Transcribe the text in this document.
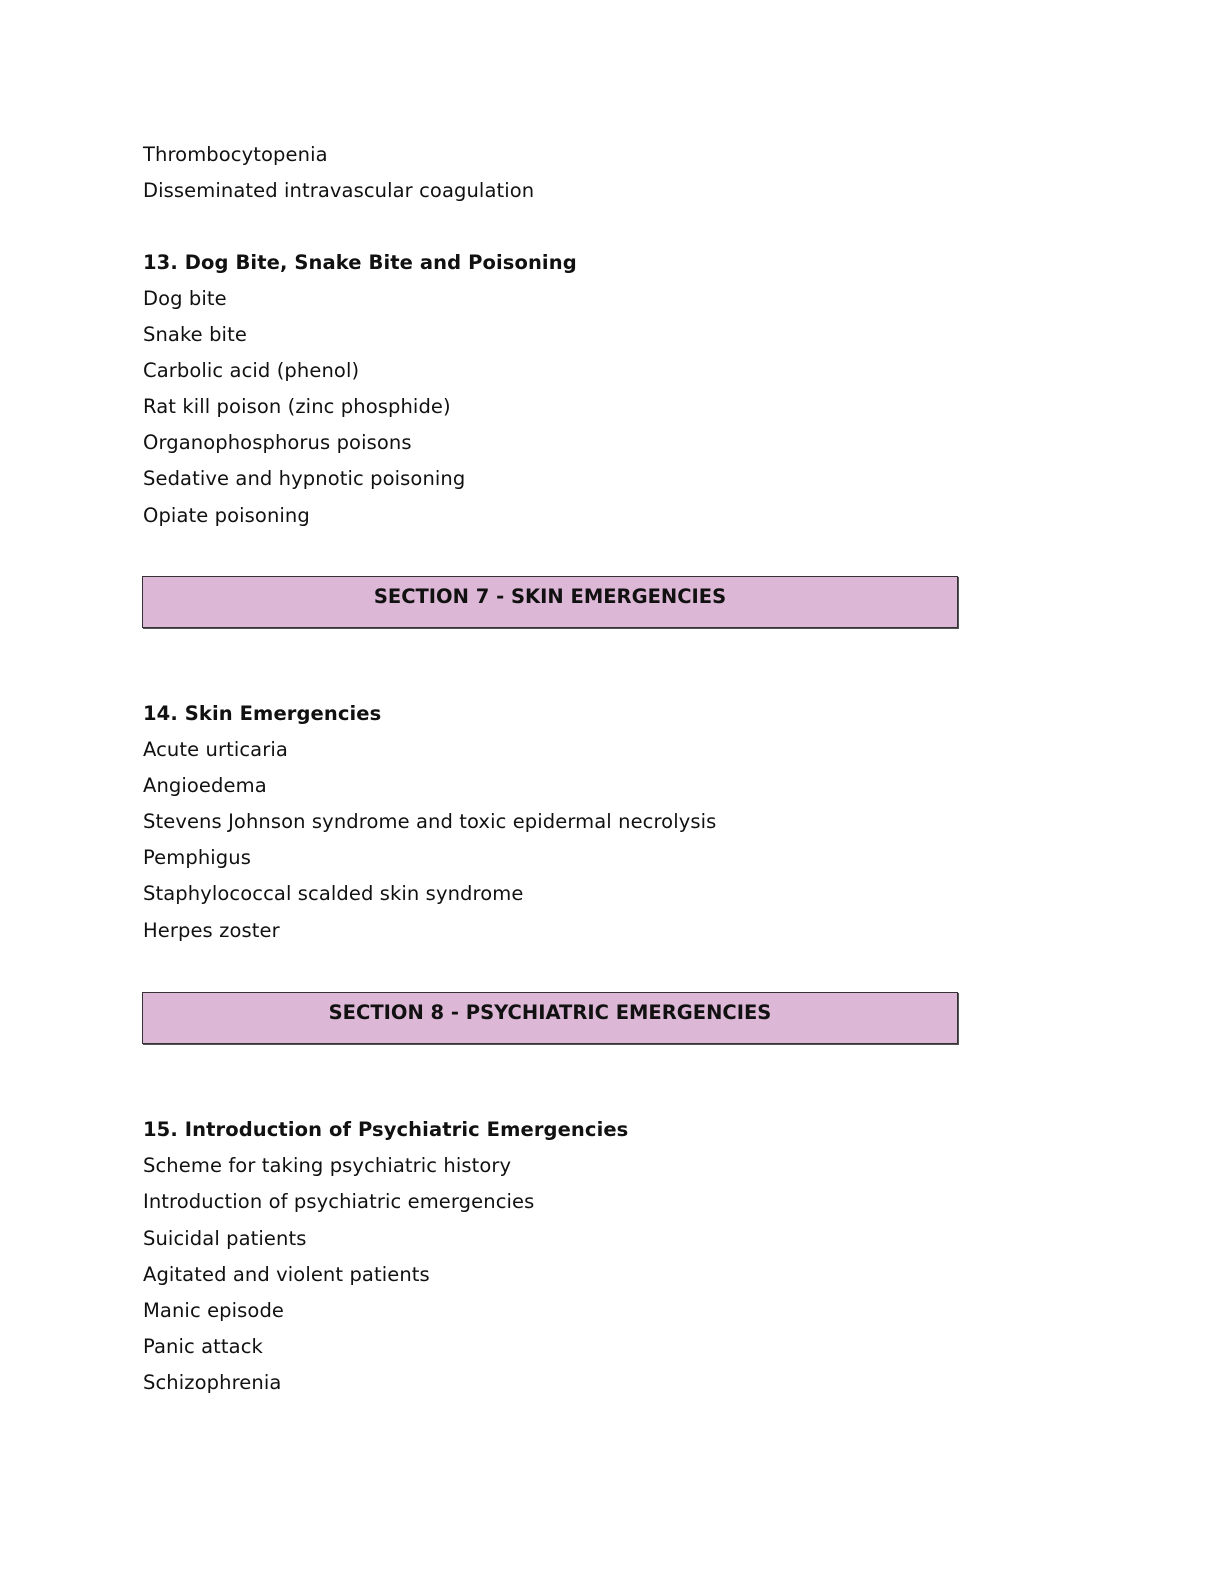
Thrombocytopenia
Disseminated intravascular coagulation
13. Dog Bite, Snake Bite and Poisoning
Dog bite
Snake bite
Carbolic acid (phenol)
Rat kill poison (zinc phosphide)
Organophosphorus poisons
Sedative and hypnotic poisoning
Opiate poisoning
SECTION 7 - SKIN EMERGENCIES
14. Skin Emergencies
Acute urticaria
Angioedema
Stevens Johnson syndrome and toxic epidermal necrolysis
Pemphigus
Staphylococcal scalded skin syndrome
Herpes zoster
SECTION 8 - PSYCHIATRIC EMERGENCIES
15. Introduction of Psychiatric Emergencies
Scheme for taking psychiatric history
Introduction of psychiatric emergencies
Suicidal patients
Agitated and violent patients
Manic episode
Panic attack
Schizophrenia
